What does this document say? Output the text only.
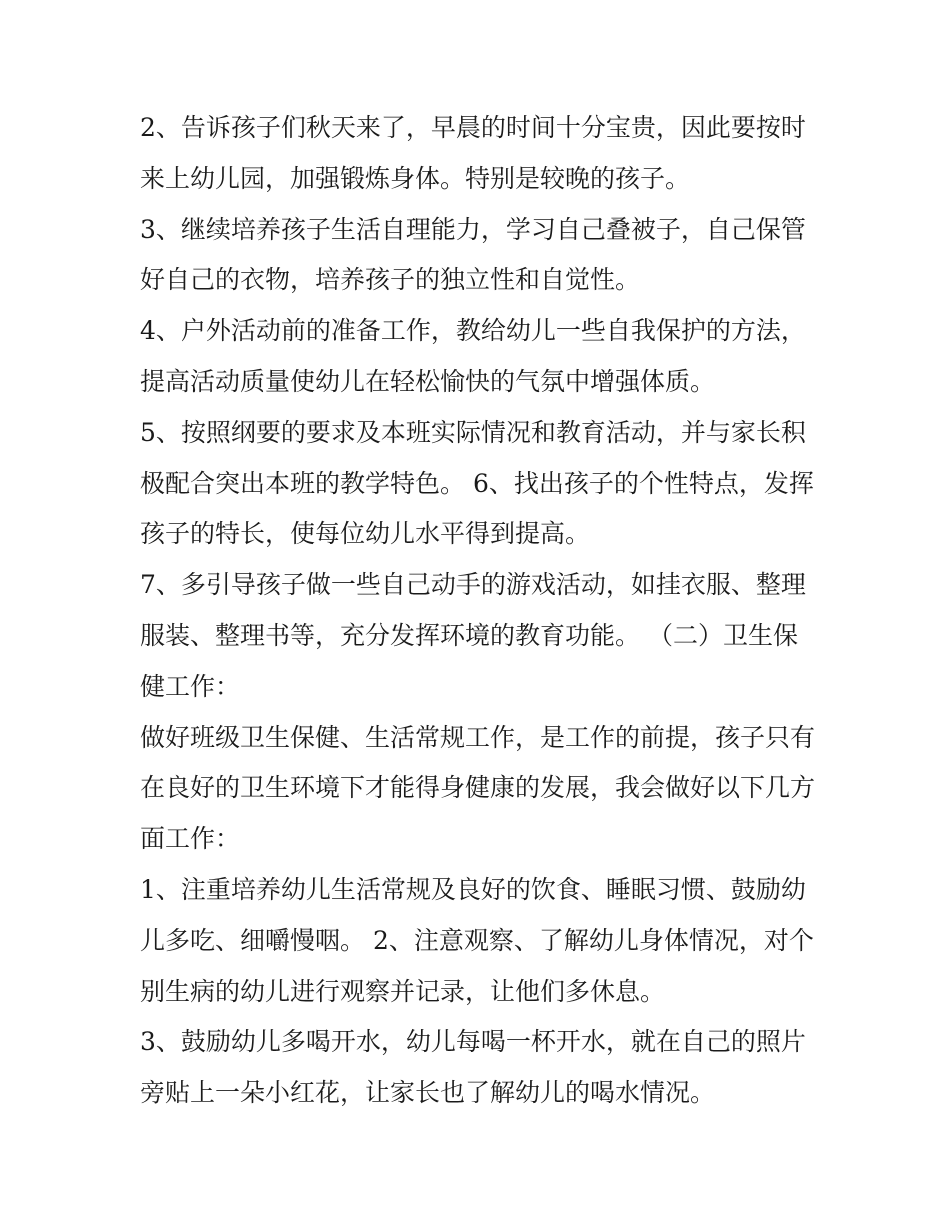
2、告诉孩子们秋天来了，早晨的时间十分宝贵，因此要按时
来上幼儿园，加强锻炼身体。特别是较晚的孩子。

3、继续培养孩子生活自理能力，学习自己叠被子，自己保管
好自己的衣物，培养孩子的独立性和自觉性。

4、户外活动前的准备工作，教给幼儿一些自我保护的方法，
提高活动质量使幼儿在轻松愉快的气氛中增强体质。

5、按照纲要的要求及本班实际情况和教育活动，并与家长积
极配合突出本班的教学特色。 6、找出孩子的个性特点，发挥
孩子的特长，使每位幼儿水平得到提高。

7、多引导孩子做一些自己动手的游戏活动，如挂衣服、整理
服装、整理书等，充分发挥环境的教育功能。 （二）卫生保
健工作：

做好班级卫生保健、生活常规工作，是工作的前提，孩子只有
在良好的卫生环境下才能得身健康的发展，我会做好以下几方
面工作：

1、注重培养幼儿生活常规及良好的饮食、睡眠习惯、鼓励幼
儿多吃、细嚼慢咽。 2、注意观察、了解幼儿身体情况，对个
别生病的幼儿进行观察并记录，让他们多休息。

3、鼓励幼儿多喝开水，幼儿每喝一杯开水，就在自己的照片
旁贴上一朵小红花，让家长也了解幼儿的喝水情况。
